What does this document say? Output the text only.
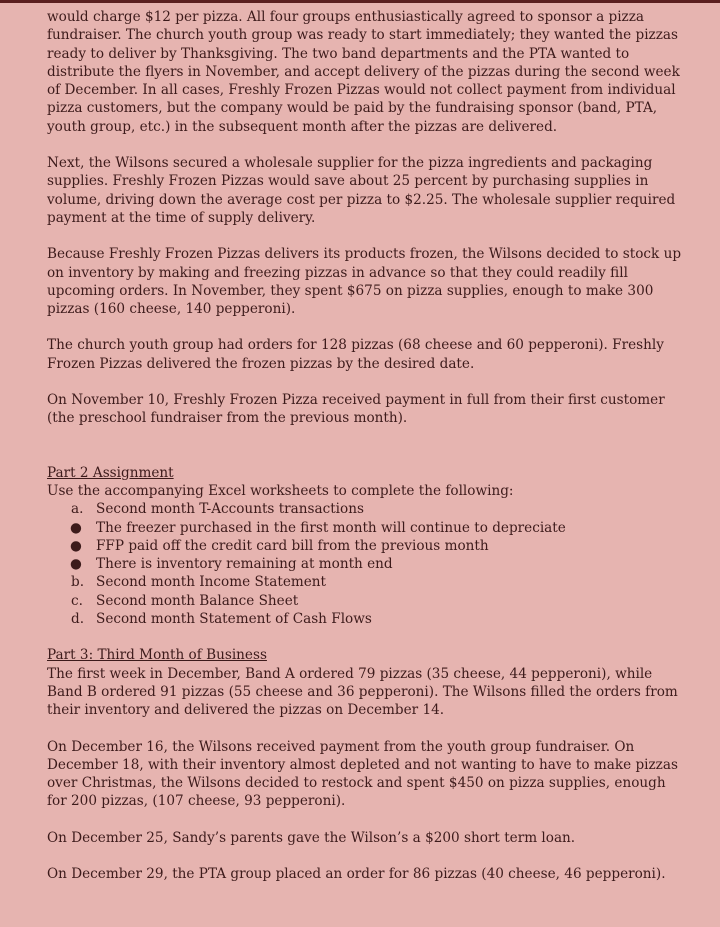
would charge $12 per pizza. All four groups enthusiastically agreed to sponsor a pizza
fundraiser. The church youth group was ready to start immediately; they wanted the pizzas
ready to deliver by Thanksgiving. The two band departments and the PTA wanted to
distribute the flyers in November, and accept delivery of the pizzas during the second week
of December. In all cases, Freshly Frozen Pizzas would not collect payment from individual
pizza customers, but the company would be paid by the fundraising sponsor (band, PTA,
youth group, etc.) in the subsequent month after the pizzas are delivered.

Next, the Wilsons secured a wholesale supplier for the pizza ingredients and packaging
supplies. Freshly Frozen Pizzas would save about 25 percent by purchasing supplies in
volume, driving down the average cost per pizza to $2.25. The wholesale supplier required
payment at the time of supply delivery.

Because Freshly Frozen Pizzas delivers its products frozen, the Wilsons decided to stock up
on inventory by making and freezing pizzas in advance so that they could readily fill
upcoming orders. In November, they spent $675 on pizza supplies, enough to make 300
pizzas (160 cheese, 140 pepperoni).

The church youth group had orders for 128 pizzas (68 cheese and 60 pepperoni). Freshly
Frozen Pizzas delivered the frozen pizzas by the desired date.

On November 10, Freshly Frozen Pizza received payment in full from their first customer
(the preschool fundraiser from the previous month).

Part 2 Assignment

Use the accompanying Excel worksheets to complete the following:

a. Second month T-Accounts transactions
● The freezer purchased in the first month will continue to depreciate
● FFP paid off the credit card bill from the previous month
● There is inventory remaining at month end
b. Second month Income Statement
c. Second month Balance Sheet
d. Second month Statement of Cash Flows

Part 3: Third Month of Business

The first week in December, Band A ordered 79 pizzas (35 cheese, 44 pepperoni), while
Band B ordered 91 pizzas (55 cheese and 36 pepperoni). The Wilsons filled the orders from
their inventory and delivered the pizzas on December 14.

On December 16, the Wilsons received payment from the youth group fundraiser. On
December 18, with their inventory almost depleted and not wanting to have to make pizzas
over Christmas, the Wilsons decided to restock and spent $450 on pizza supplies, enough
for 200 pizzas, (107 cheese, 93 pepperoni).

On December 25, Sandy’s parents gave the Wilson’s a $200 short term loan.

On December 29, the PTA group placed an order for 86 pizzas (40 cheese, 46 pepperoni).
